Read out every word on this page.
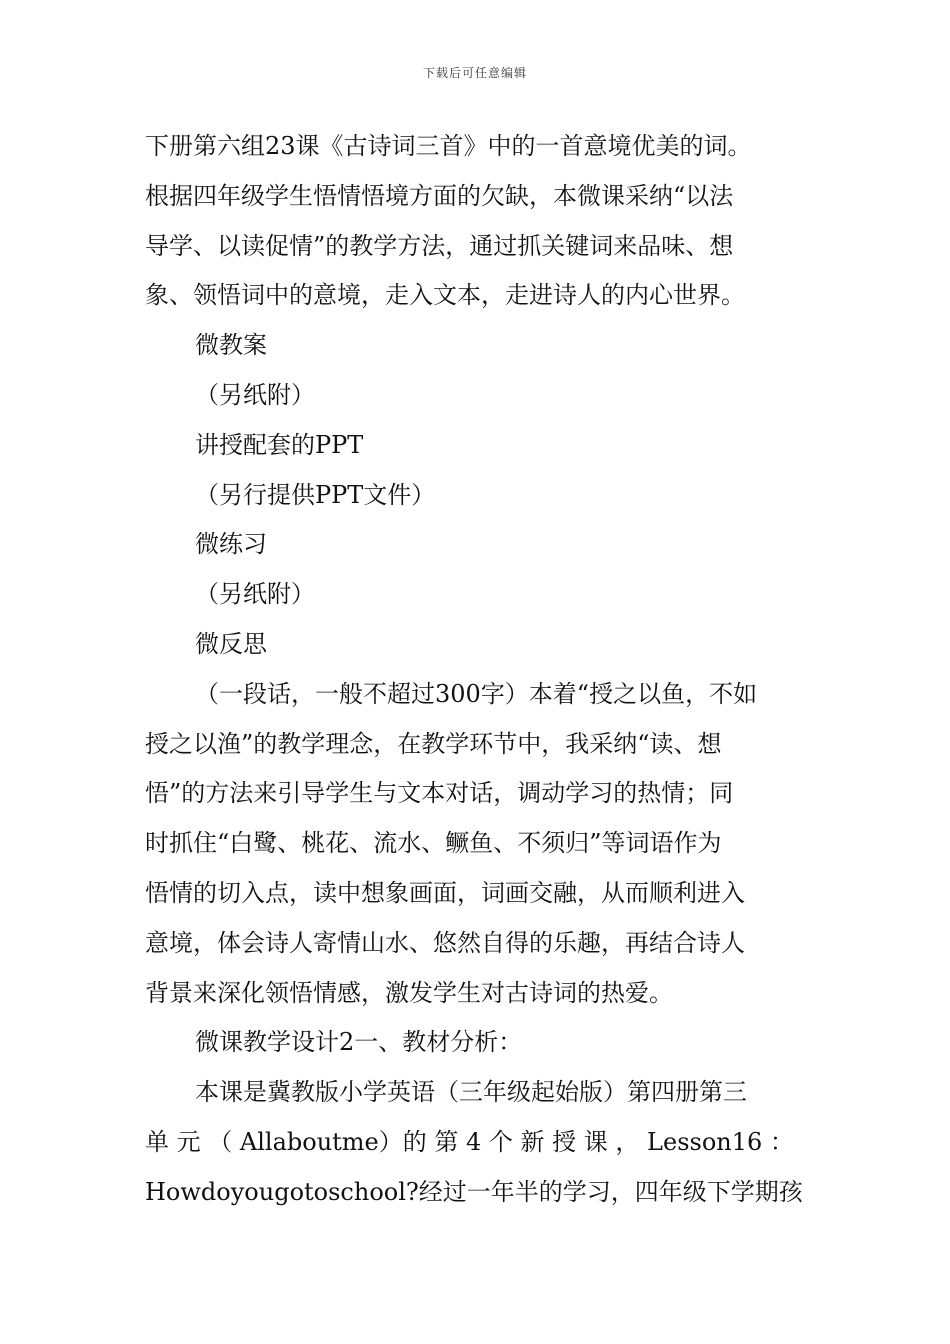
下载后可任意编辑
下册第六组23课《古诗词三首》中的一首意境优美的词。
根据四年级学生悟情悟境方面的欠缺，本微课采纳“以法
导学、以读促情”的教学方法，通过抓关键词来品味、想
象、领悟词中的意境，走入文本，走进诗人的内心世界。
微教案
（另纸附）
讲授配套的PPT
（另行提供PPT文件）
微练习
（另纸附）
微反思
（一段话，一般不超过300字）本着“授之以鱼，不如
授之以渔”的教学理念，在教学环节中，我采纳“读、想
悟”的方法来引导学生与文本对话，调动学习的热情；同
时抓住“白鹭、桃花、流水、鳜鱼、不须归”等词语作为
悟情的切入点，读中想象画面，词画交融，从而顺利进入
意境，体会诗人寄情山水、悠然自得的乐趣，再结合诗人
背景来深化领悟情感，激发学生对古诗词的热爱。
微课教学设计2一、教材分析：
本课是冀教版小学英语（三年级起始版）第四册第三
单 元 （ Allaboutme）的 第 4 个 新 授 课 ， Lesson16 ：
Howdoyougotoschool?经过一年半的学习，四年级下学期孩
